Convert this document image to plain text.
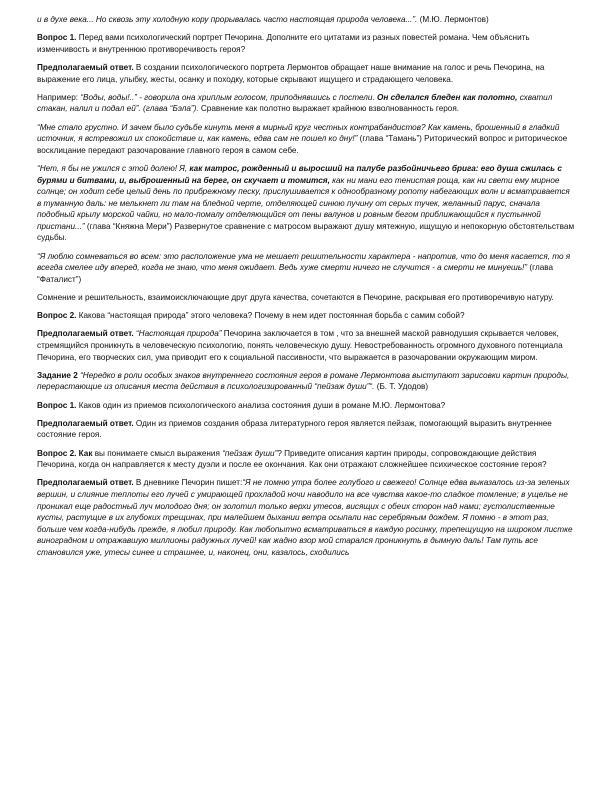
и в духе века... Но сквозь эту холодную кору прорывалась часто настоящая природа человека...”. (М.Ю. Лермонтов)

Вопрос 1. Перед вами психологический портрет Печорина. Дополните его цитатами из разных повестей романа. Чем объяснить изменчивость и внутреннюю противоречивость героя?

Предполагаемый ответ. В создании психологического портрета Лермонтов обращает наше внимание на голос и речь Печорина, на выражение его лица, улыбку, жесты, осанку и походку, которые скрывают ищущего и страдающего человека.

Например: “Воды, воды!..” - говорила она хриплым голосом, приподнявшись с постели. Он сделался бледен как полотно, схватил стакан, налил и подал ей”. (глава “Бэла”). Сравнение как полотно выражает крайнюю взволнованность героя.

“Мне стало грустно. И зачем было судьбе кинуть меня в мирный круг честных контрабандистов? Как камень, брошенный в гладкий источник, я встревожил их спокойствие и, как камень, едва сам не пошел ко дну!” (глава “Тамань”) Риторический вопрос и риторическое восклицание передают разочарование главного героя в самом себе.

“Нет, я бы не ужился с этой долею! Я, как матрос, рожденный и выросший на палубе разбойничьего брига: его душа сжилась с бурями и битвами, и, выброшенный на берег, он скучает и томится, как ни мани его тенистая роща, как ни свети ему мирное солнце; он ходит себе целый день по прибрежному песку, прислушивается к однообразному ропоту набегающих волн и всматривается в туманную даль: не мелькнет ли там на бледной черте, отделяющей синюю пучину от серых тучек, желанный парус, сначала подобный крылу морской чайки, но мало-помалу отделяющийся от пены валунов и ровным бегом приближающийся к пустынной пристани...” (глава “Княжна Мери”) Развернутое сравнение с матросом выражают душу мятежную, ищущую и непокорную обстоятельствам судьбы.

“Я люблю сомневаться во всем: это расположение ума не мешает решительности характера - напротив, что до меня касается, то я всегда смелее иду вперед, когда не знаю, что меня ожидает. Ведь хуже смерти ничего не случится - а смерти не минуешь!” (глава “Фаталист”)

Сомнение и решительность, взаимоисключающие друг друга качества, сочетаются в Печорине, раскрывая его противоречивую натуру.

Вопрос 2. Какова “настоящая природа” этого человека? Почему в нем идет постоянная борьба с самим собой?

Предполагаемый ответ. “Настоящая природа” Печорина заключается в том , что за внешней маской равнодушия скрывается человек, стремящийся проникнуть в человеческую психологию, понять человеческую душу. Невостребованность огромного духовного потенциала Печорина, его творческих сил, ума приводит его к социальной пассивности, что выражается в разочаровании окружающим миром.

Задание 2 “Нередко в роли особых знаков внутреннего состояния героя в романе Лермонтова выступают зарисовки картин природы, перерастающие из описания места действия в психологизированный “пейзаж души”“. (Б. Т. Удодов)

Вопрос 1. Каков один из приемов психологического анализа состояния души в романе М.Ю. Лермонтова?

Предполагаемый ответ. Один из приемов создания образа литературного героя является пейзаж, помогающий выразить внутреннее состояние героя.

Вопрос 2. Как вы понимаете смысл выражения “пейзаж души”? Приведите описания картин природы, сопровождающие действия Печорина, когда он направляется к месту дуэли и после ее окончания. Как они отражают сложнейшее психическое состояние героя?

Предполагаемый ответ. В дневнике Печорин пишет:“Я не помню утра более голубого и свежего! Солнце едва выказалось из-за зеленых вершин, и слияние теплоты его лучей с умирающей прохладой ночи наводило на все чувства какое-то сладкое томление; в ущелье не проникал еще радостный луч молодого дня; он золотил только верхи утесов, висящих с обеих сторон над нами; густолиственные кусты, растущие в их глубоких трещинах, при малейшем дыхании ветра осыпали нас серебряным дождем. Я помню - в этот раз, больше чем когда-нибудь прежде, я любил природу. Как любопытно всматриваться в каждую росинку, трепещущую на широком листке виноградном и отражавшую миллионы радужных лучей! как жадно взор мой старался проникнуть в дымную даль! Там путь все становился уже, утесы синее и страшнее, и, наконец, они, казалось, сходились
